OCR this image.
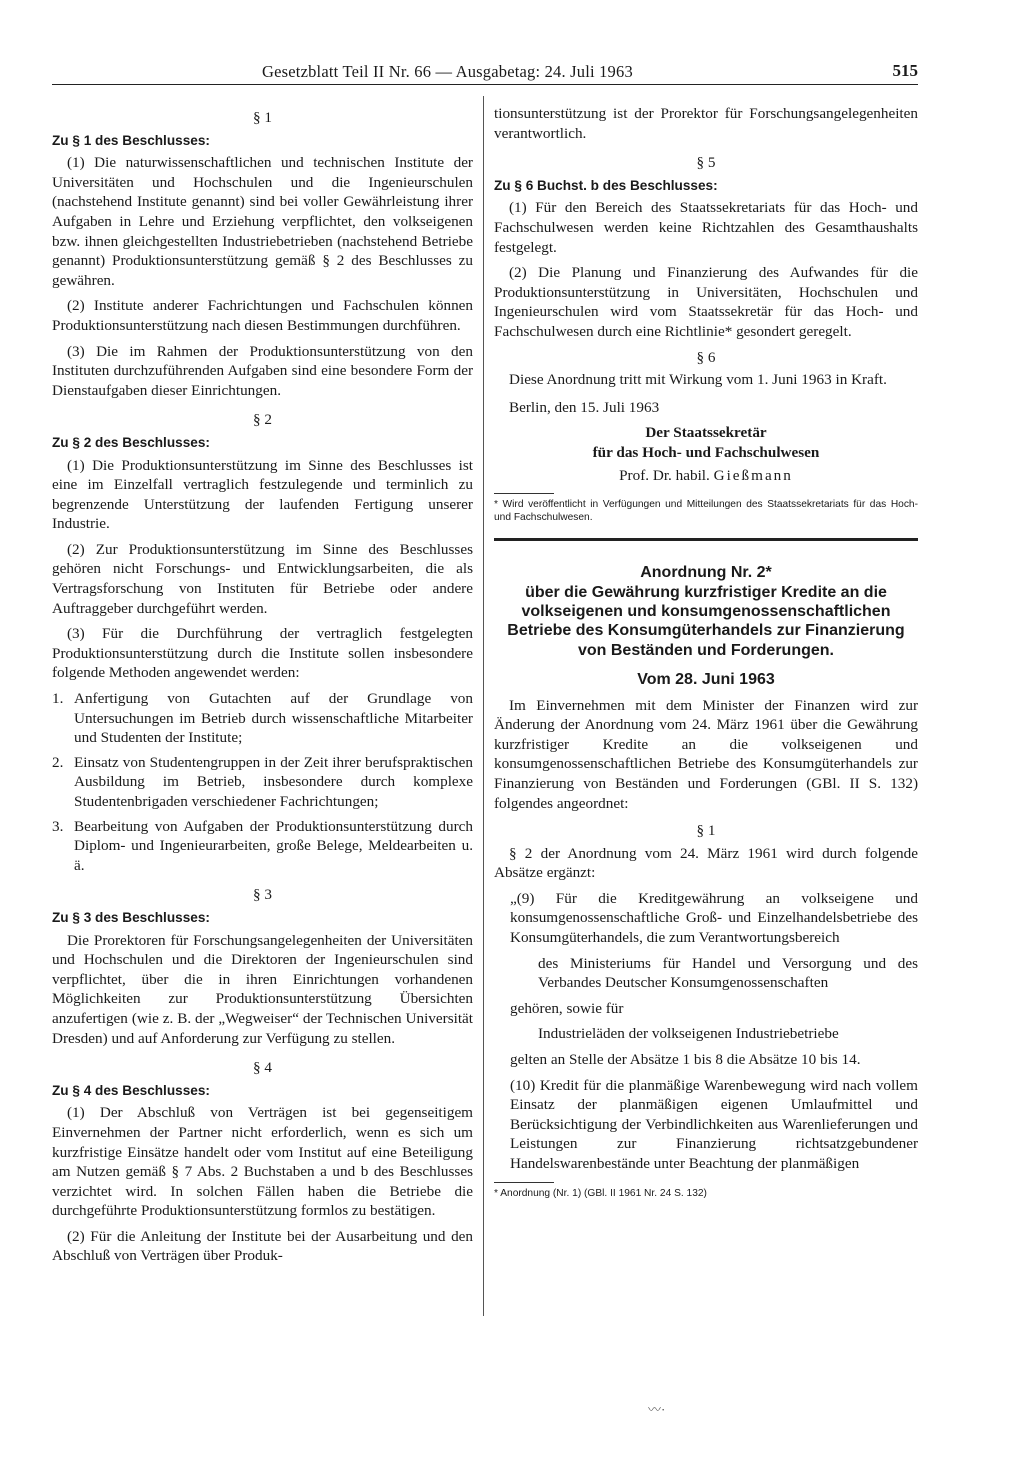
Gesetzblatt Teil II Nr. 66 — Ausgabetag: 24. Juli 1963	515
§ 1
Zu § 1 des Beschlusses:

(1) Die naturwissenschaftlichen und technischen Institute der Universitäten und Hochschulen und die Ingenieurschulen (nachstehend Institute genannt) sind bei voller Gewährleistung ihrer Aufgaben in Lehre und Erziehung verpflichtet, den volkseigenen bzw. ihnen gleichgestellten Industriebetrieben (nachstehend Betriebe genannt) Produktionsunterstützung gemäß § 2 des Beschlusses zu gewähren.

(2) Institute anderer Fachrichtungen und Fachschulen können Produktionsunterstützung nach diesen Bestimmungen durchführen.

(3) Die im Rahmen der Produktionsunterstützung von den Instituten durchzuführenden Aufgaben sind eine besondere Form der Dienstaufgaben dieser Einrichtungen.

§ 2
Zu § 2 des Beschlusses:

(1) Die Produktionsunterstützung im Sinne des Beschlusses ist eine im Einzelfall vertraglich festzulegende und terminlich zu begrenzende Unterstützung der laufenden Fertigung unserer Industrie.

(2) Zur Produktionsunterstützung im Sinne des Beschlusses gehören nicht Forschungs- und Entwicklungsarbeiten, die als Vertragsforschung von Instituten für Betriebe oder andere Auftraggeber durchgeführt werden.

(3) Für die Durchführung der vertraglich festgelegten Produktionsunterstützung durch die Institute sollen insbesondere folgende Methoden angewendet werden:

1. Anfertigung von Gutachten auf der Grundlage von Untersuchungen im Betrieb durch wissenschaftliche Mitarbeiter und Studenten der Institute;
2. Einsatz von Studentengruppen in der Zeit ihrer berufspraktischen Ausbildung im Betrieb, insbesondere durch komplexe Studentenbrigaden verschiedener Fachrichtungen;
3. Bearbeitung von Aufgaben der Produktionsunterstützung durch Diplom- und Ingenieurarbeiten, große Belege, Meldearbeiten u. ä.
§ 3
Zu § 3 des Beschlusses:

Die Prorektoren für Forschungsangelegenheiten der Universitäten und Hochschulen und die Direktoren der Ingenieurschulen sind verpflichtet, über die in ihren Einrichtungen vorhandenen Möglichkeiten zur Produktionsunterstützung Übersichten anzufertigen (wie z. B. der „Wegweiser“ der Technischen Universität Dresden) und auf Anforderung zur Verfügung zu stellen.

§ 4
Zu § 4 des Beschlusses:

(1) Der Abschluß von Verträgen ist bei gegenseitigem Einvernehmen der Partner nicht erforderlich, wenn es sich um kurzfristige Einsätze handelt oder vom Institut auf eine Beteiligung am Nutzen gemäß § 7 Abs. 2 Buchstaben a und b des Beschlusses verzichtet wird. In solchen Fällen haben die Betriebe die durchgeführte Produktionsunterstützung formlos zu bestätigen.

(2) Für die Anleitung der Institute bei der Ausarbeitung und den Abschluß von Verträgen über Produk-

tionsunterstützung ist der Prorektor für Forschungsangelegenheiten verantwortlich.

§ 5
Zu § 6 Buchst. b des Beschlusses:

(1) Für den Bereich des Staatssekretariats für das Hoch- und Fachschulwesen werden keine Richtzahlen des Gesamthaushalts festgelegt.

(2) Die Planung und Finanzierung des Aufwandes für die Produktionsunterstützung in Universitäten, Hochschulen und Ingenieurschulen wird vom Staatssekretär für das Hoch- und Fachschulwesen durch eine Richtlinie* gesondert geregelt.

§ 6

Diese Anordnung tritt mit Wirkung vom 1. Juni 1963 in Kraft.

Berlin, den 15. Juli 1963

Der Staatssekretär
für das Hoch- und Fachschulwesen
Prof. Dr. habil. Gießmann

* Wird veröffentlicht in Verfügungen und Mitteilungen des Staatssekretariats für das Hoch- und Fachschulwesen.

Anordnung Nr. 2*
über die Gewährung kurzfristiger Kredite an die volkseigenen und konsumgenossenschaftlichen Betriebe des Konsumgüterhandels zur Finanzierung von Beständen und Forderungen.
Vom 28. Juni 1963

Im Einvernehmen mit dem Minister der Finanzen wird zur Änderung der Anordnung vom 24. März 1961 über die Gewährung kurzfristiger Kredite an die volkseigenen und konsumgenossenschaftlichen Betriebe des Konsumgüterhandels zur Finanzierung von Beständen und Forderungen (GBl. II S. 132) folgendes angeordnet:

§ 1

§ 2 der Anordnung vom 24. März 1961 wird durch folgende Absätze ergänzt:

„(9) Für die Kreditgewährung an volkseigene und konsumgenossenschaftliche Groß- und Einzelhandelsbetriebe des Konsumgüterhandels, die zum Verantwortungsbereich

des Ministeriums für Handel und Versorgung und des Verbandes Deutscher Konsumgenossenschaften

gehören, sowie für

Industrieläden der volkseigenen Industriebetriebe

gelten an Stelle der Absätze 1 bis 8 die Absätze 10 bis 14.

(10) Kredit für die planmäßige Warenbewegung wird nach vollem Einsatz der planmäßigen eigenen Umlaufmittel und Berücksichtigung der Verbindlichkeiten aus Warenlieferungen und Leistungen zur Finanzierung richtsatzgebundener Handelswarenbestände unter Beachtung der planmäßigen

* Anordnung (Nr. 1) (GBl. II 1961 Nr. 24 S. 132)

〰·
